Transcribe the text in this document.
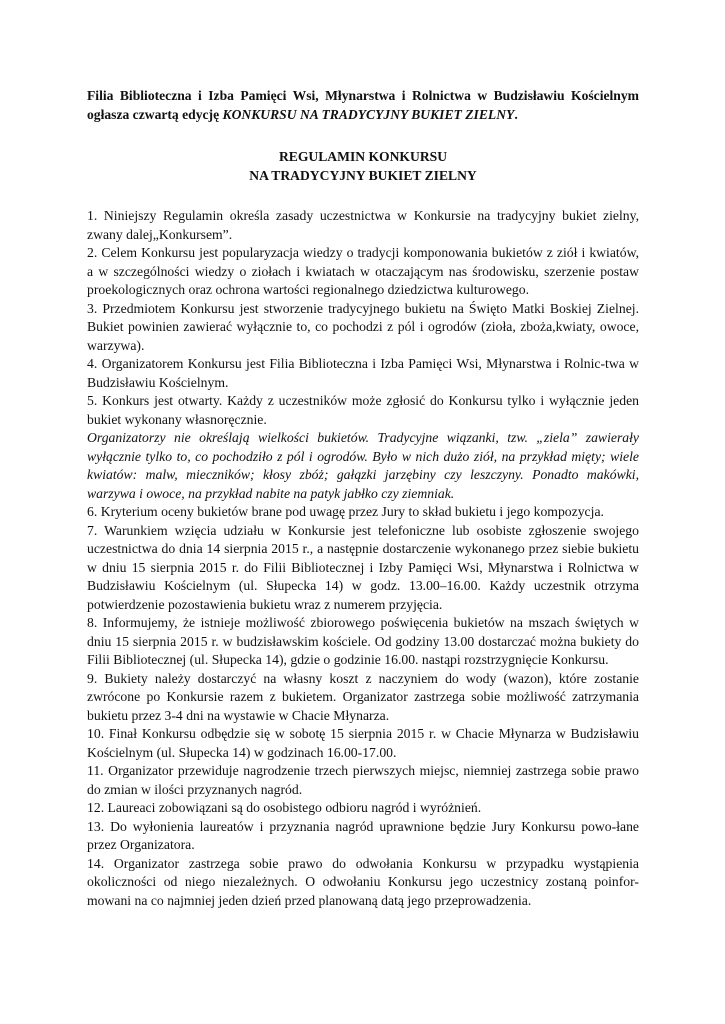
Filia Biblioteczna i Izba Pamięci Wsi, Młynarstwa i Rolnictwa w Budzisławiu Kościelnym ogłasza czwartą edycję KONKURSU NA TRADYCYJNY BUKIET ZIELNY.

REGULAMIN KONKURSU
NA TRADYCYJNY BUKIET ZIELNY

1. Niniejszy Regulamin określa zasady uczestnictwa w Konkursie na tradycyjny bukiet zielny, zwany dalej„Konkursem”.

2. Celem Konkursu jest popularyzacja wiedzy o tradycji komponowania bukietów z ziół i kwiatów, a w szczególności wiedzy o ziołach i kwiatach w otaczającym nas środowisku, szerzenie postaw proekologicznych oraz ochrona wartości regionalnego dziedzictwa kulturowego.

3. Przedmiotem Konkursu jest stworzenie tradycyjnego bukietu na Święto Matki Boskiej Zielnej. Bukiet powinien zawierać wyłącznie to, co pochodzi z pól i ogrodów (zioła, zboża,kwiaty, owoce, warzywa).

4. Organizatorem Konkursu jest Filia Biblioteczna i Izba Pamięci Wsi, Młynarstwa i Rolnic-twa w Budzisławiu Kościelnym.

5. Konkurs jest otwarty. Każdy z uczestników może zgłosić do Konkursu tylko i wyłącznie jeden bukiet wykonany własnoręcznie.

Organizatorzy nie określają wielkości bukietów. Tradycyjne wiązanki, tzw. „ziela” zawierały wyłącznie tylko to, co pochodziło z pól i ogrodów. Było w nich dużo ziół, na przykład mięty; wiele kwiatów: malw, mieczników; kłosy zbóż; gałązki jarzębiny czy leszczyny. Ponadto makówki, warzywa i owoce, na przykład nabite na patyk jabłko czy ziemniak.

6. Kryterium oceny bukietów brane pod uwagę przez Jury to skład bukietu i jego kompozycja.

7. Warunkiem wzięcia udziału w Konkursie jest telefoniczne lub osobiste zgłoszenie swojego uczestnictwa do dnia 14 sierpnia 2015 r., a następnie dostarczenie wykonanego przez siebie bukietu w dniu 15 sierpnia 2015 r. do Filii Bibliotecznej i Izby Pamięci Wsi, Młynarstwa i Rolnictwa w Budzisławiu Kościelnym (ul. Słupecka 14) w godz. 13.00–16.00. Każdy uczestnik otrzyma potwierdzenie pozostawienia bukietu wraz z numerem przyjęcia.

8. Informujemy, że istnieje możliwość zbiorowego poświęcenia bukietów na mszach świętych w dniu 15 sierpnia 2015 r. w budzisławskim kościele. Od godziny 13.00 dostarczać można bukiety do Filii Bibliotecznej (ul. Słupecka 14), gdzie o godzinie 16.00. nastąpi rozstrzygnięcie Konkursu.

9. Bukiety należy dostarczyć na własny koszt z naczyniem do wody (wazon), które zostanie zwrócone po Konkursie razem z bukietem. Organizator zastrzega sobie możliwość zatrzymania bukietu przez 3-4 dni na wystawie w Chacie Młynarza.

10. Finał Konkursu odbędzie się w sobotę 15 sierpnia 2015 r. w Chacie Młynarza w Budzisławiu Kościelnym (ul. Słupecka 14) w godzinach 16.00-17.00.

11. Organizator przewiduje nagrodzenie trzech pierwszych miejsc, niemniej zastrzega sobie prawo do zmian w ilości przyznanych nagród.

12. Laureaci zobowiązani są do osobistego odbioru nagród i wyróżnień.

13. Do wyłonienia laureatów i przyznania nagród uprawnione będzie Jury Konkursu powo-łane przez Organizatora.

14. Organizator zastrzega sobie prawo do odwołania Konkursu w przypadku wystąpienia okoliczności od niego niezależnych. O odwołaniu Konkursu jego uczestnicy zostaną poinfor-mowani na co najmniej jeden dzień przed planowaną datą jego przeprowadzenia.
